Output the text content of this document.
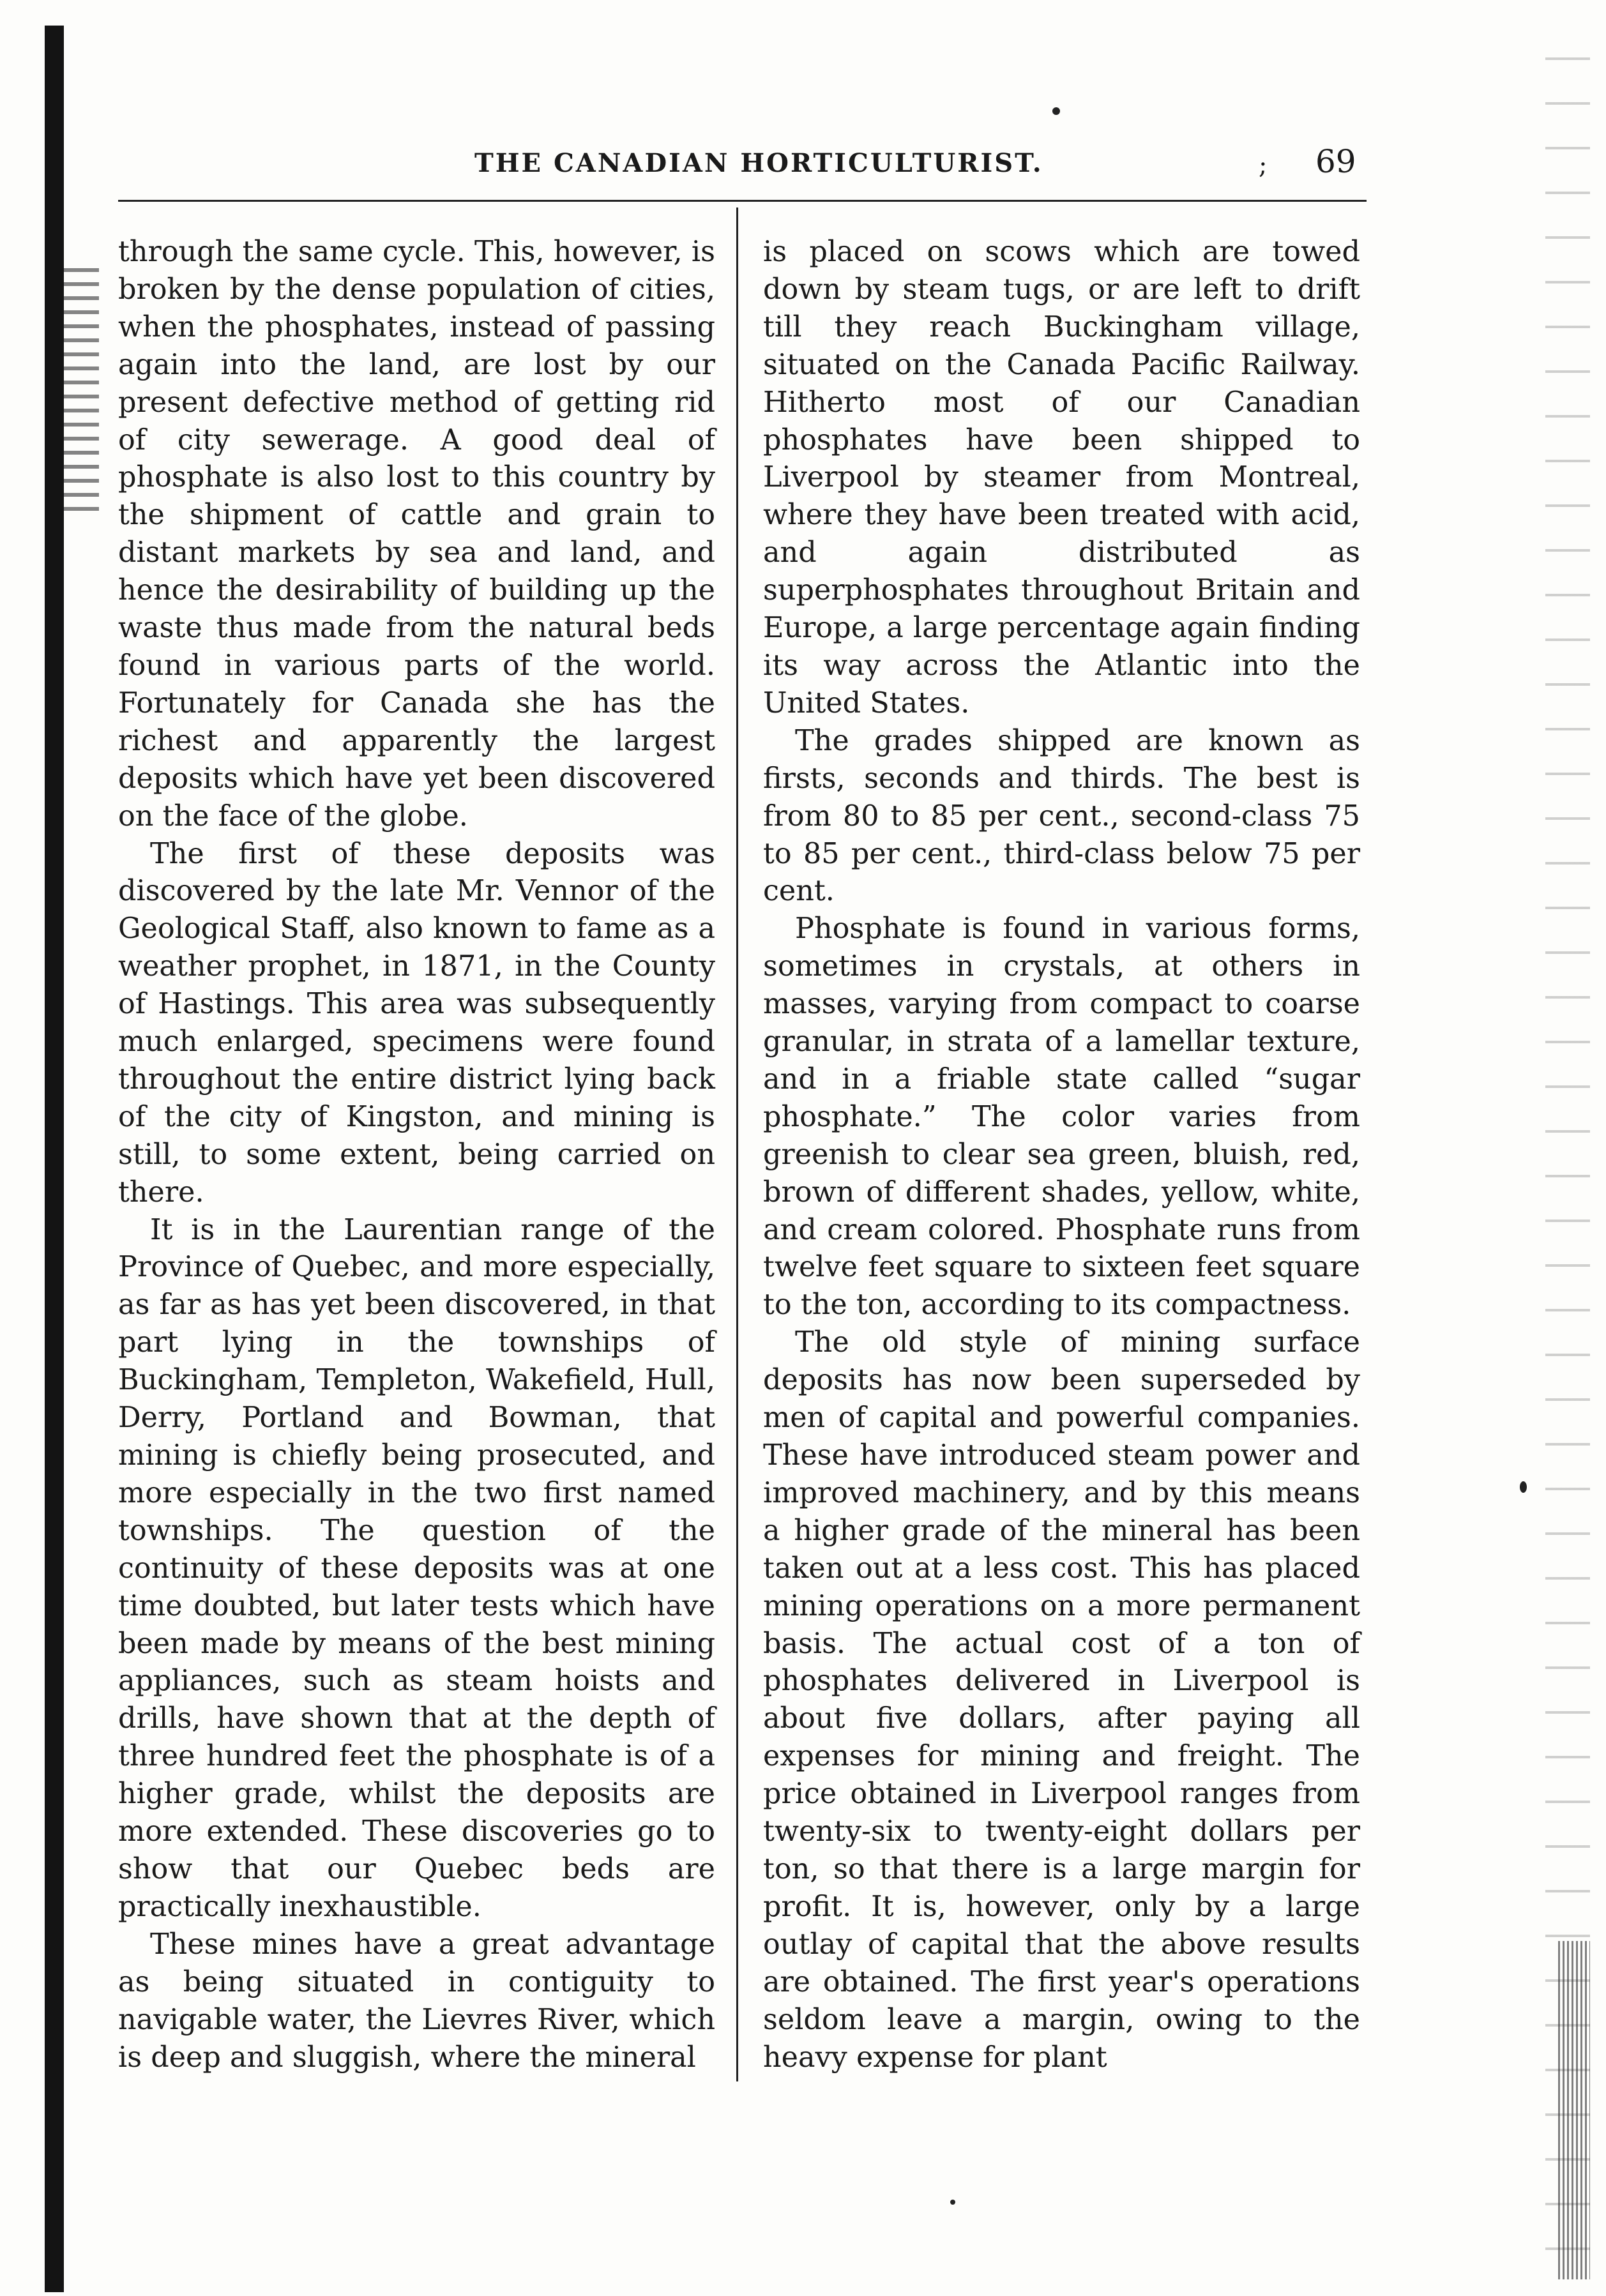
THE CANADIAN HORTICULTURIST.	; 69

through the same cycle. This, however, is broken by the dense population of cities, when the phosphates, instead of passing again into the land, are lost by our present defective method of getting rid of city sewerage. A good deal of phosphate is also lost to this country by the shipment of cattle and grain to distant markets by sea and land, and hence the desirability of building up the waste thus made from the natural beds found in various parts of the world. Fortunately for Canada she has the richest and apparently the largest deposits which have yet been discovered on the face of the globe.

The first of these deposits was discovered by the late Mr. Vennor of the Geological Staff, also known to fame as a weather prophet, in 1871, in the County of Hastings. This area was subsequently much enlarged, specimens were found throughout the entire district lying back of the city of Kingston, and mining is still, to some extent, being carried on there.

It is in the Laurentian range of the Province of Quebec, and more especially, as far as has yet been discovered, in that part lying in the townships of Buckingham, Templeton, Wakefield, Hull, Derry, Portland and Bowman, that mining is chiefly being prosecuted, and more especially in the two first named townships. The question of the continuity of these deposits was at one time doubted, but later tests which have been made by means of the best mining appliances, such as steam hoists and drills, have shown that at the depth of three hundred feet the phosphate is of a higher grade, whilst the deposits are more extended. These discoveries go to show that our Quebec beds are practically inexhaustible.

These mines have a great advantage as being situated in contiguity to navigable water, the Lievres River, which is deep and sluggish, where the mineral

is placed on scows which are towed down by steam tugs, or are left to drift till they reach Buckingham village, situated on the Canada Pacific Railway. Hitherto most of our Canadian phosphates have been shipped to Liverpool by steamer from Montreal, where they have been treated with acid, and again distributed as superphosphates throughout Britain and Europe, a large percentage again finding its way across the Atlantic into the United States.

The grades shipped are known as firsts, seconds and thirds. The best is from 80 to 85 per cent., second-class 75 to 85 per cent., third-class below 75 per cent.

Phosphate is found in various forms, sometimes in crystals, at others in masses, varying from compact to coarse granular, in strata of a lamellar texture, and in a friable state called “sugar phosphate.” The color varies from greenish to clear sea green, bluish, red, brown of different shades, yellow, white, and cream colored. Phosphate runs from twelve feet square to sixteen feet square to the ton, according to its compactness.

The old style of mining surface deposits has now been superseded by men of capital and powerful companies. These have introduced steam power and improved machinery, and by this means a higher grade of the mineral has been taken out at a less cost. This has placed mining operations on a more permanent basis. The actual cost of a ton of phosphates delivered in Liverpool is about five dollars, after paying all expenses for mining and freight. The price obtained in Liverpool ranges from twenty-six to twenty-eight dollars per ton, so that there is a large margin for profit. It is, however, only by a large outlay of capital that the above results are obtained. The first year's operations seldom leave a margin, owing to the heavy expense for plant
